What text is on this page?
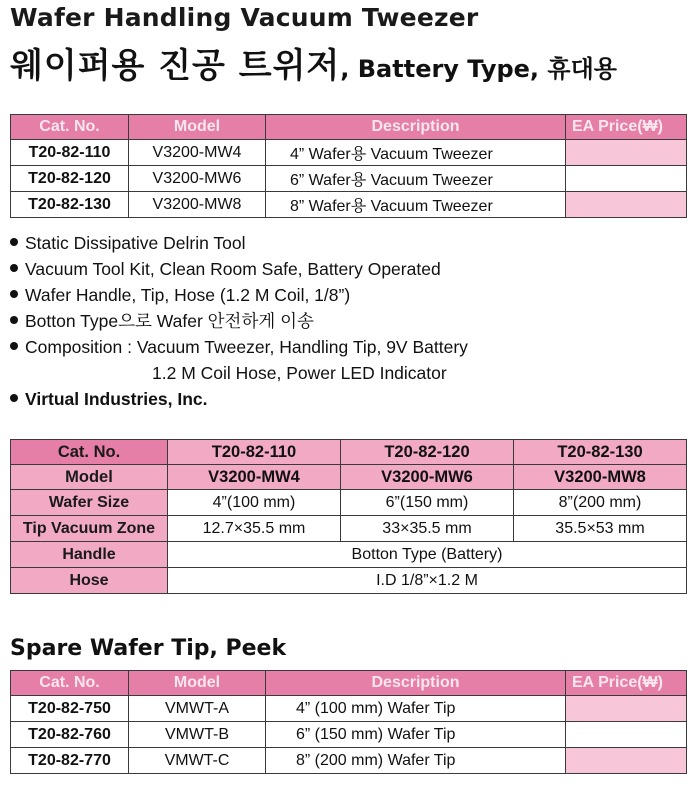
Wafer Handling Vacuum Tweezer
웨이퍼용 진공 트위저, Battery Type, 휴대용
Cat. No.	Model	Description	EA Price(₩)
T20-82-110	V3200-MW4	4” Wafer용 Vacuum Tweezer	
T20-82-120	V3200-MW6	6” Wafer용 Vacuum Tweezer	
T20-82-130	V3200-MW8	8” Wafer용 Vacuum Tweezer	
Static Dissipative Delrin Tool
Vacuum Tool Kit, Clean Room Safe, Battery Operated
Wafer Handle, Tip, Hose (1.2 M Coil, 1/8”)
Botton Type으로 Wafer 안전하게 이송
Composition : Vacuum Tweezer, Handling Tip, 9V Battery
1.2 M Coil Hose, Power LED Indicator
Virtual Industries, Inc.
Cat. No.	T20-82-110	T20-82-120	T20-82-130
Model	V3200-MW4	V3200-MW6	V3200-MW8
Wafer Size	4”(100 mm)	6”(150 mm)	8”(200 mm)
Tip Vacuum Zone	12.7×35.5 mm	33×35.5 mm	35.5×53 mm
Handle	Botton Type (Battery)		
Hose	I.D 1/8”×1.2 M		
Spare Wafer Tip, Peek
Cat. No.	Model	Description	EA Price(₩)
T20-82-750	VMWT-A	4” (100 mm) Wafer Tip	
T20-82-760	VMWT-B	6” (150 mm) Wafer Tip	
T20-82-770	VMWT-C	8” (200 mm) Wafer Tip	
